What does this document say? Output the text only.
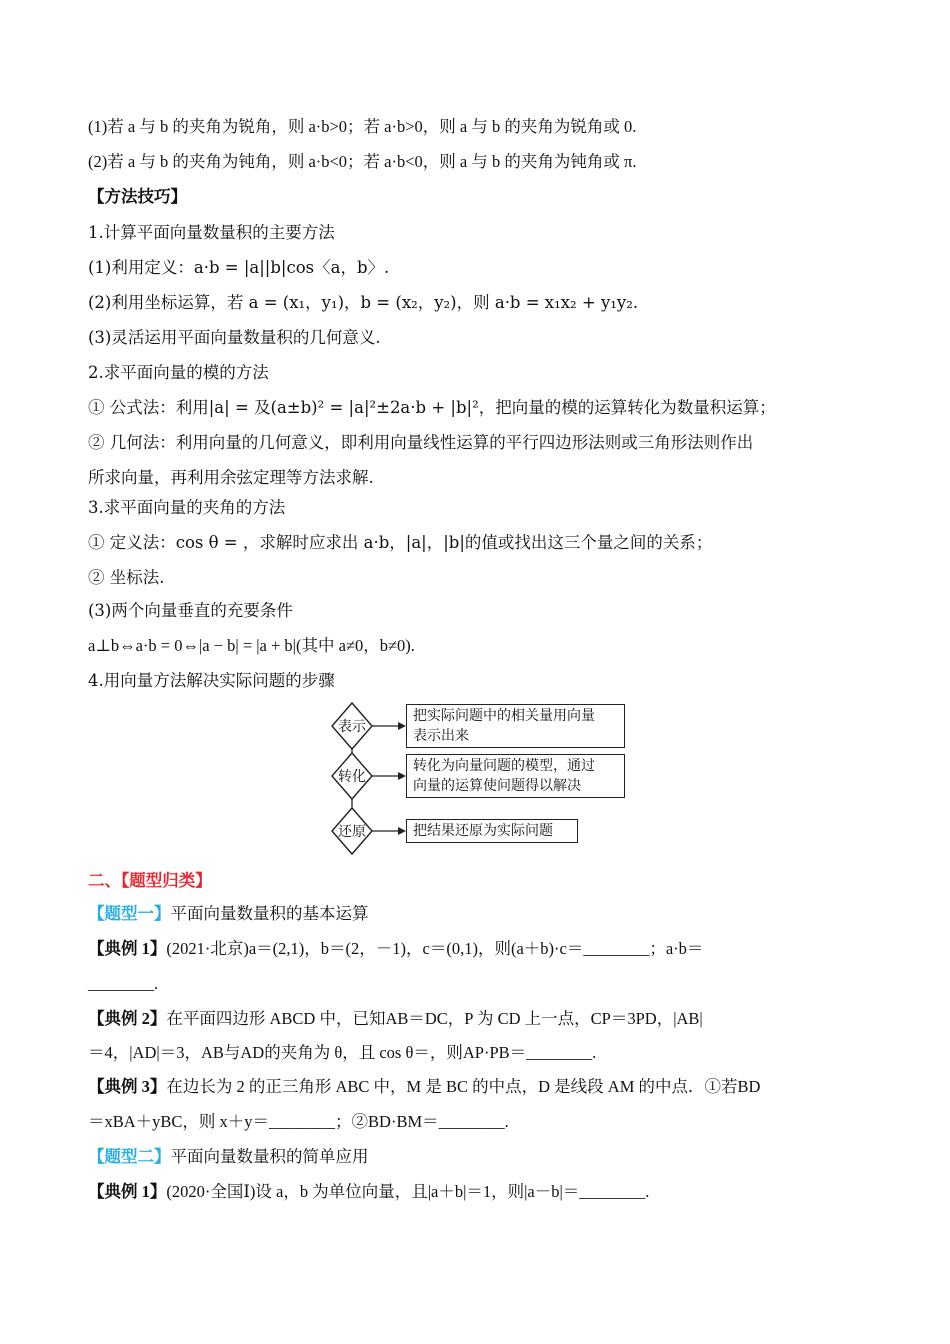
(1)若 a 与 b 的夹角为锐角，则 a·b>0；若 a·b>0，则 a 与 b 的夹角为锐角或 0.
(2)若 a 与 b 的夹角为钝角，则 a·b<0；若 a·b<0，则 a 与 b 的夹角为钝角或 π.
【方法技巧】
1.计算平面向量数量积的主要方法
(1)利用定义：a·b = |a||b|cos〈a，b〉.
(2)利用坐标运算，若 a = (x₁，y₁)，b = (x₂，y₂)，则 a·b = x₁x₂ + y₁y₂.
(3)灵活运用平面向量数量积的几何意义.
2.求平面向量的模的方法
① 公式法：利用|a| = 及(a±b)² = |a|²±2a·b + |b|²，把向量的模的运算转化为数量积运算；
② 几何法：利用向量的几何意义，即利用向量线性运算的平行四边形法则或三角形法则作出
所求向量，再利用余弦定理等方法求解.
3.求平面向量的夹角的方法
① 定义法：cos θ = ，求解时应求出 a·b，|a|，|b|的值或找出这三个量之间的关系；
② 坐标法.
(3)两个向量垂直的充要条件
a⊥b⇔a·b = 0⇔|a − b| = |a + b|(其中 a≠0，b≠0).
4.用向量方法解决实际问题的步骤
表示
转化
还原
把实际问题中的相关量用向量
表示出来
转化为向量问题的模型，通过
向量的运算使问题得以解决
把结果还原为实际问题
二、【题型归类】
【题型一】平面向量数量积的基本运算
【典例 1】(2021·北京)a＝(2,1)，b＝(2，－1)，c＝(0,1)，则(a＋b)·c＝________；a·b＝
________.
【典例 2】在平面四边形 ABCD 中，已知AB＝DC，P 为 CD 上一点，CP＝3PD，|AB|
＝4，|AD|＝3，AB与AD的夹角为 θ，且 cos θ＝，则AP·PB＝________.
【典例 3】在边长为 2 的正三角形 ABC 中，M 是 BC 的中点，D 是线段 AM 的中点．①若BD
＝xBA＋yBC，则 x＋y＝________；②BD·BM＝________.
【题型二】平面向量数量积的简单应用
【典例 1】(2020·全国Ⅰ)设 a，b 为单位向量，且|a＋b|＝1，则|a－b|＝________.
